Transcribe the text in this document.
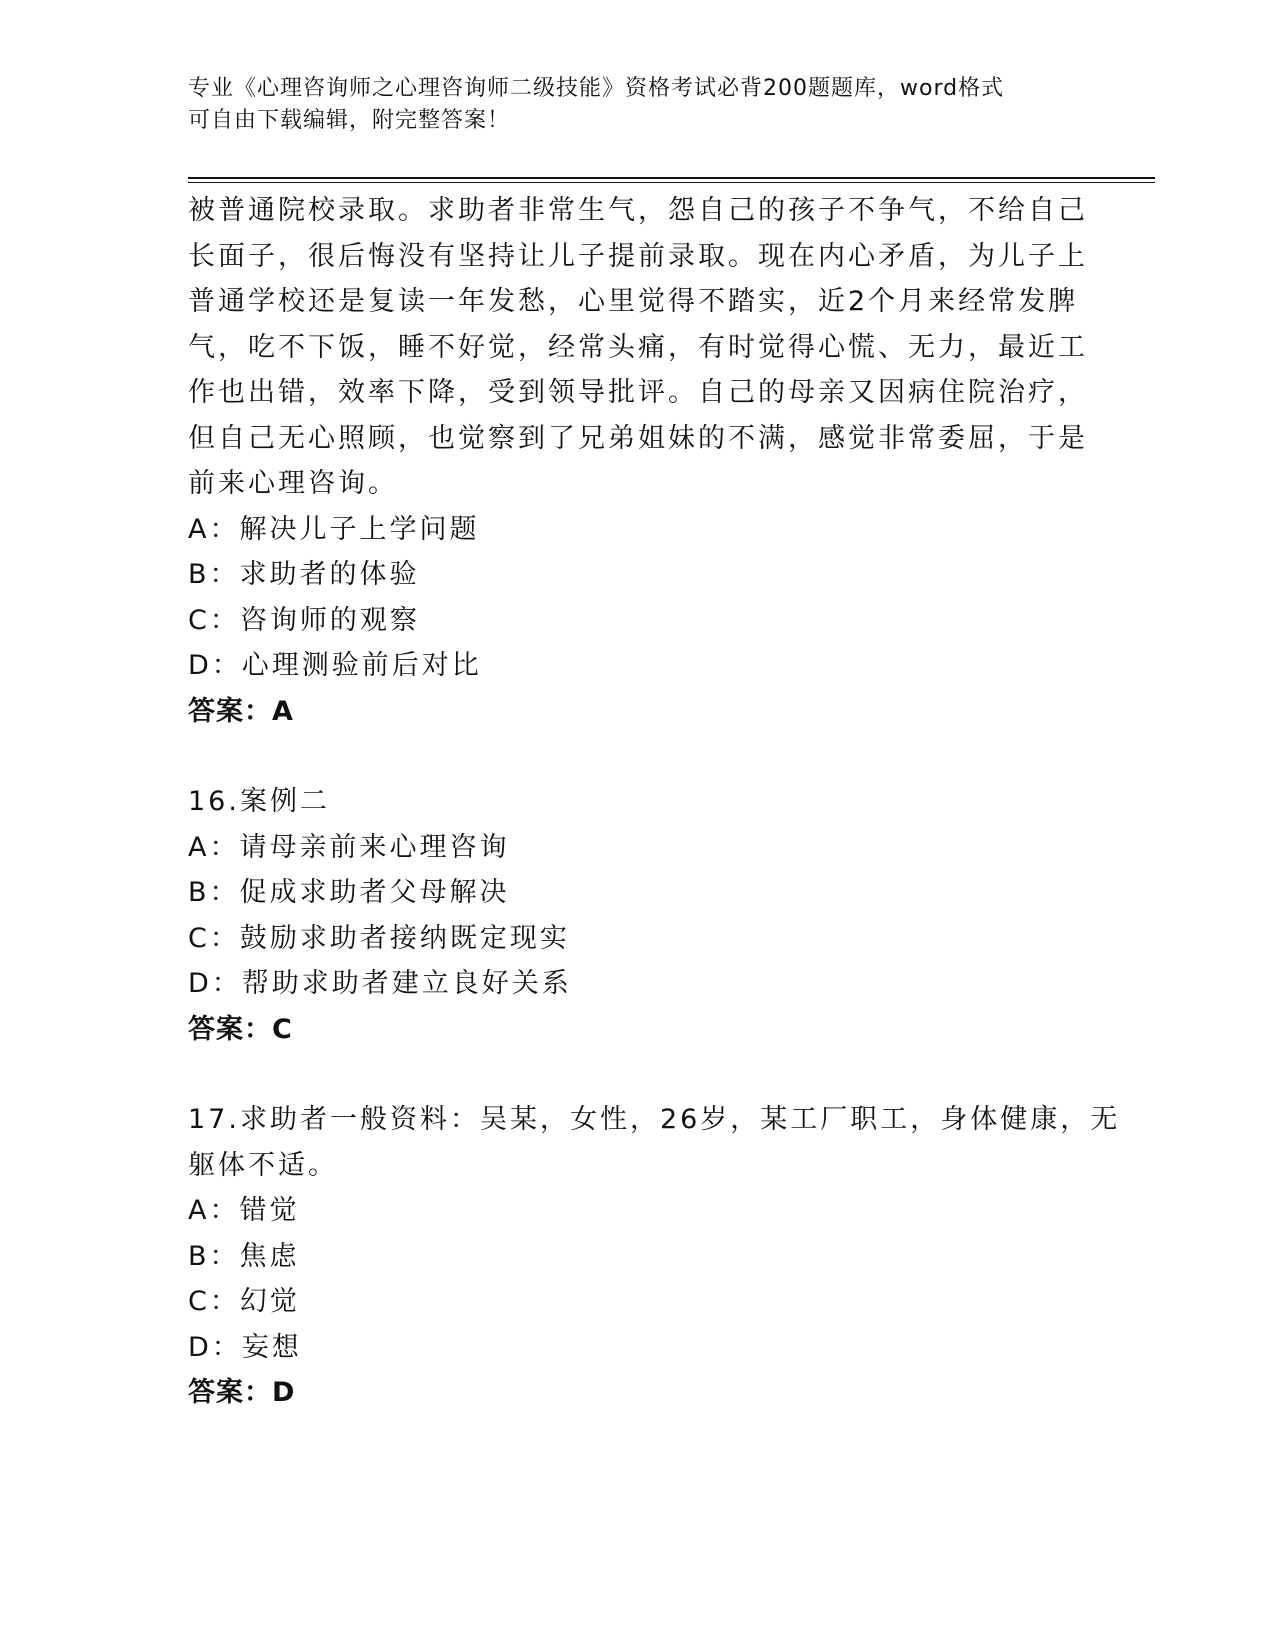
专业《心理咨询师之心理咨询师二级技能》资格考试必背200题题库，word格式
可自由下载编辑，附完整答案！
被普通院校录取。求助者非常生气，怨自己的孩子不争气，不给自己
长面子，很后悔没有坚持让儿子提前录取。现在内心矛盾，为儿子上
普通学校还是复读一年发愁，心里觉得不踏实，近2个月来经常发脾
气，吃不下饭，睡不好觉，经常头痛，有时觉得心慌、无力，最近工
作也出错，效率下降，受到领导批评。自己的母亲又因病住院治疗，
但自己无心照顾，也觉察到了兄弟姐妹的不满，感觉非常委屈，于是
前来心理咨询。
A：解决儿子上学问题
B：求助者的体验
C：咨询师的观察
D：心理测验前后对比
答案：A
16.案例二
A：请母亲前来心理咨询
B：促成求助者父母解决
C：鼓励求助者接纳既定现实
D：帮助求助者建立良好关系
答案：C
17.求助者一般资料：吴某，女性，26岁，某工厂职工，身体健康，无
躯体不适。
A：错觉
B：焦虑
C：幻觉
D：妄想
答案：D
